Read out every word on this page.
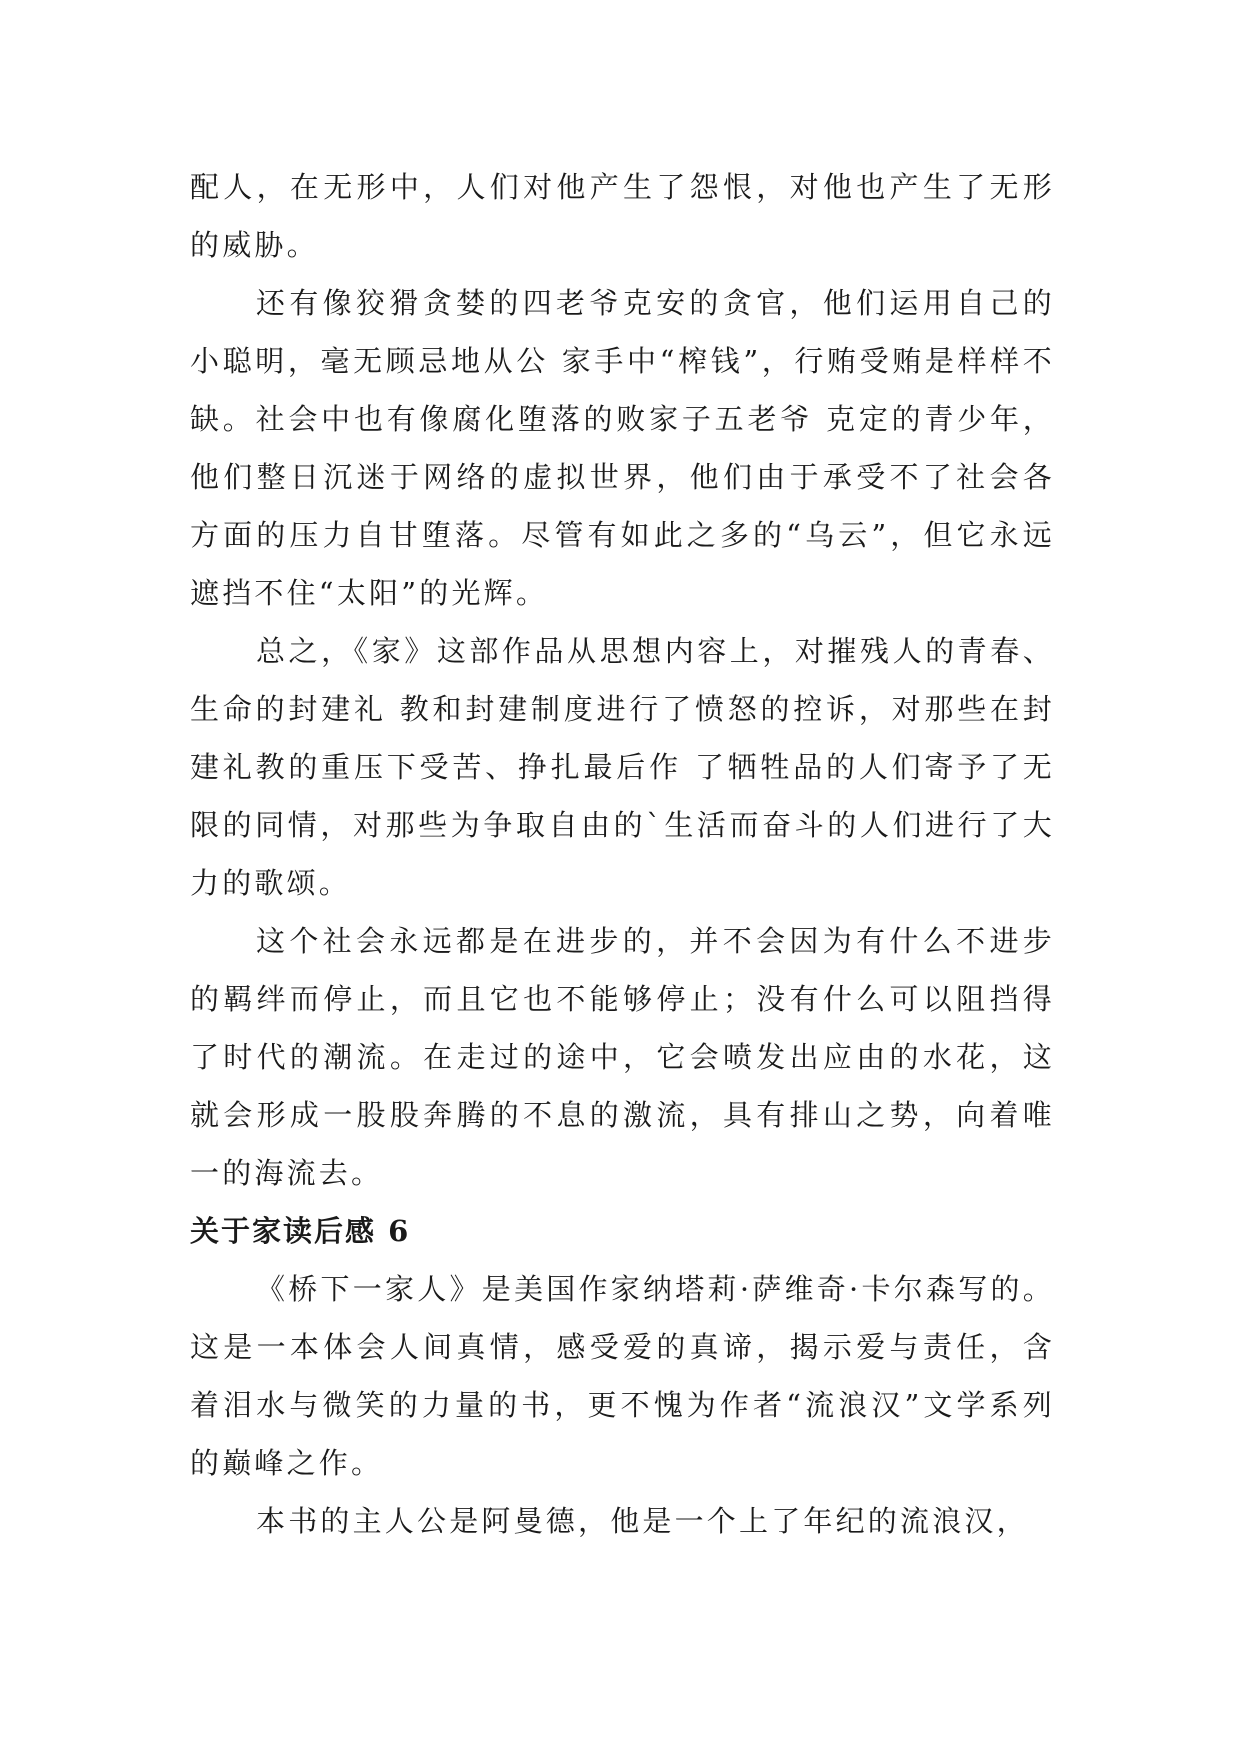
配人，在无形中，人们对他产生了怨恨，对他也产生了无形的威胁。

还有像狡猾贪婪的四老爷克安的贪官，他们运用自己的小聪明，毫无顾忌地从公 家手中“榨钱”，行贿受贿是样样不缺。社会中也有像腐化堕落的败家子五老爷 克定的青少年，他们整日沉迷于网络的虚拟世界，他们由于承受不了社会各方面的压力自甘堕落。尽管有如此之多的“乌云”，但它永远遮挡不住“太阳”的光辉。

总之，《家》这部作品从思想内容上，对摧残人的青春、生命的封建礼 教和封建制度进行了愤怒的控诉，对那些在封建礼教的重压下受苦、挣扎最后作 了牺牲品的人们寄予了无限的同情，对那些为争取自由的`生活而奋斗的人们进行了大力的歌颂。

这个社会永远都是在进步的，并不会因为有什么不进步的羁绊而停止，而且它也不能够停止；没有什么可以阻挡得了时代的潮流。在走过的途中，它会喷发出应由的水花，这就会形成一股股奔腾的不息的激流，具有排山之势，向着唯一的海流去。

关于家读后感 6

《桥下一家人》是美国作家纳塔莉·萨维奇·卡尔森写的。这是一本体会人间真情，感受爱的真谛，揭示爱与责任，含着泪水与微笑的力量的书，更不愧为作者“流浪汉”文学系列的巅峰之作。

本书的主人公是阿曼德，他是一个上了年纪的流浪汉，
